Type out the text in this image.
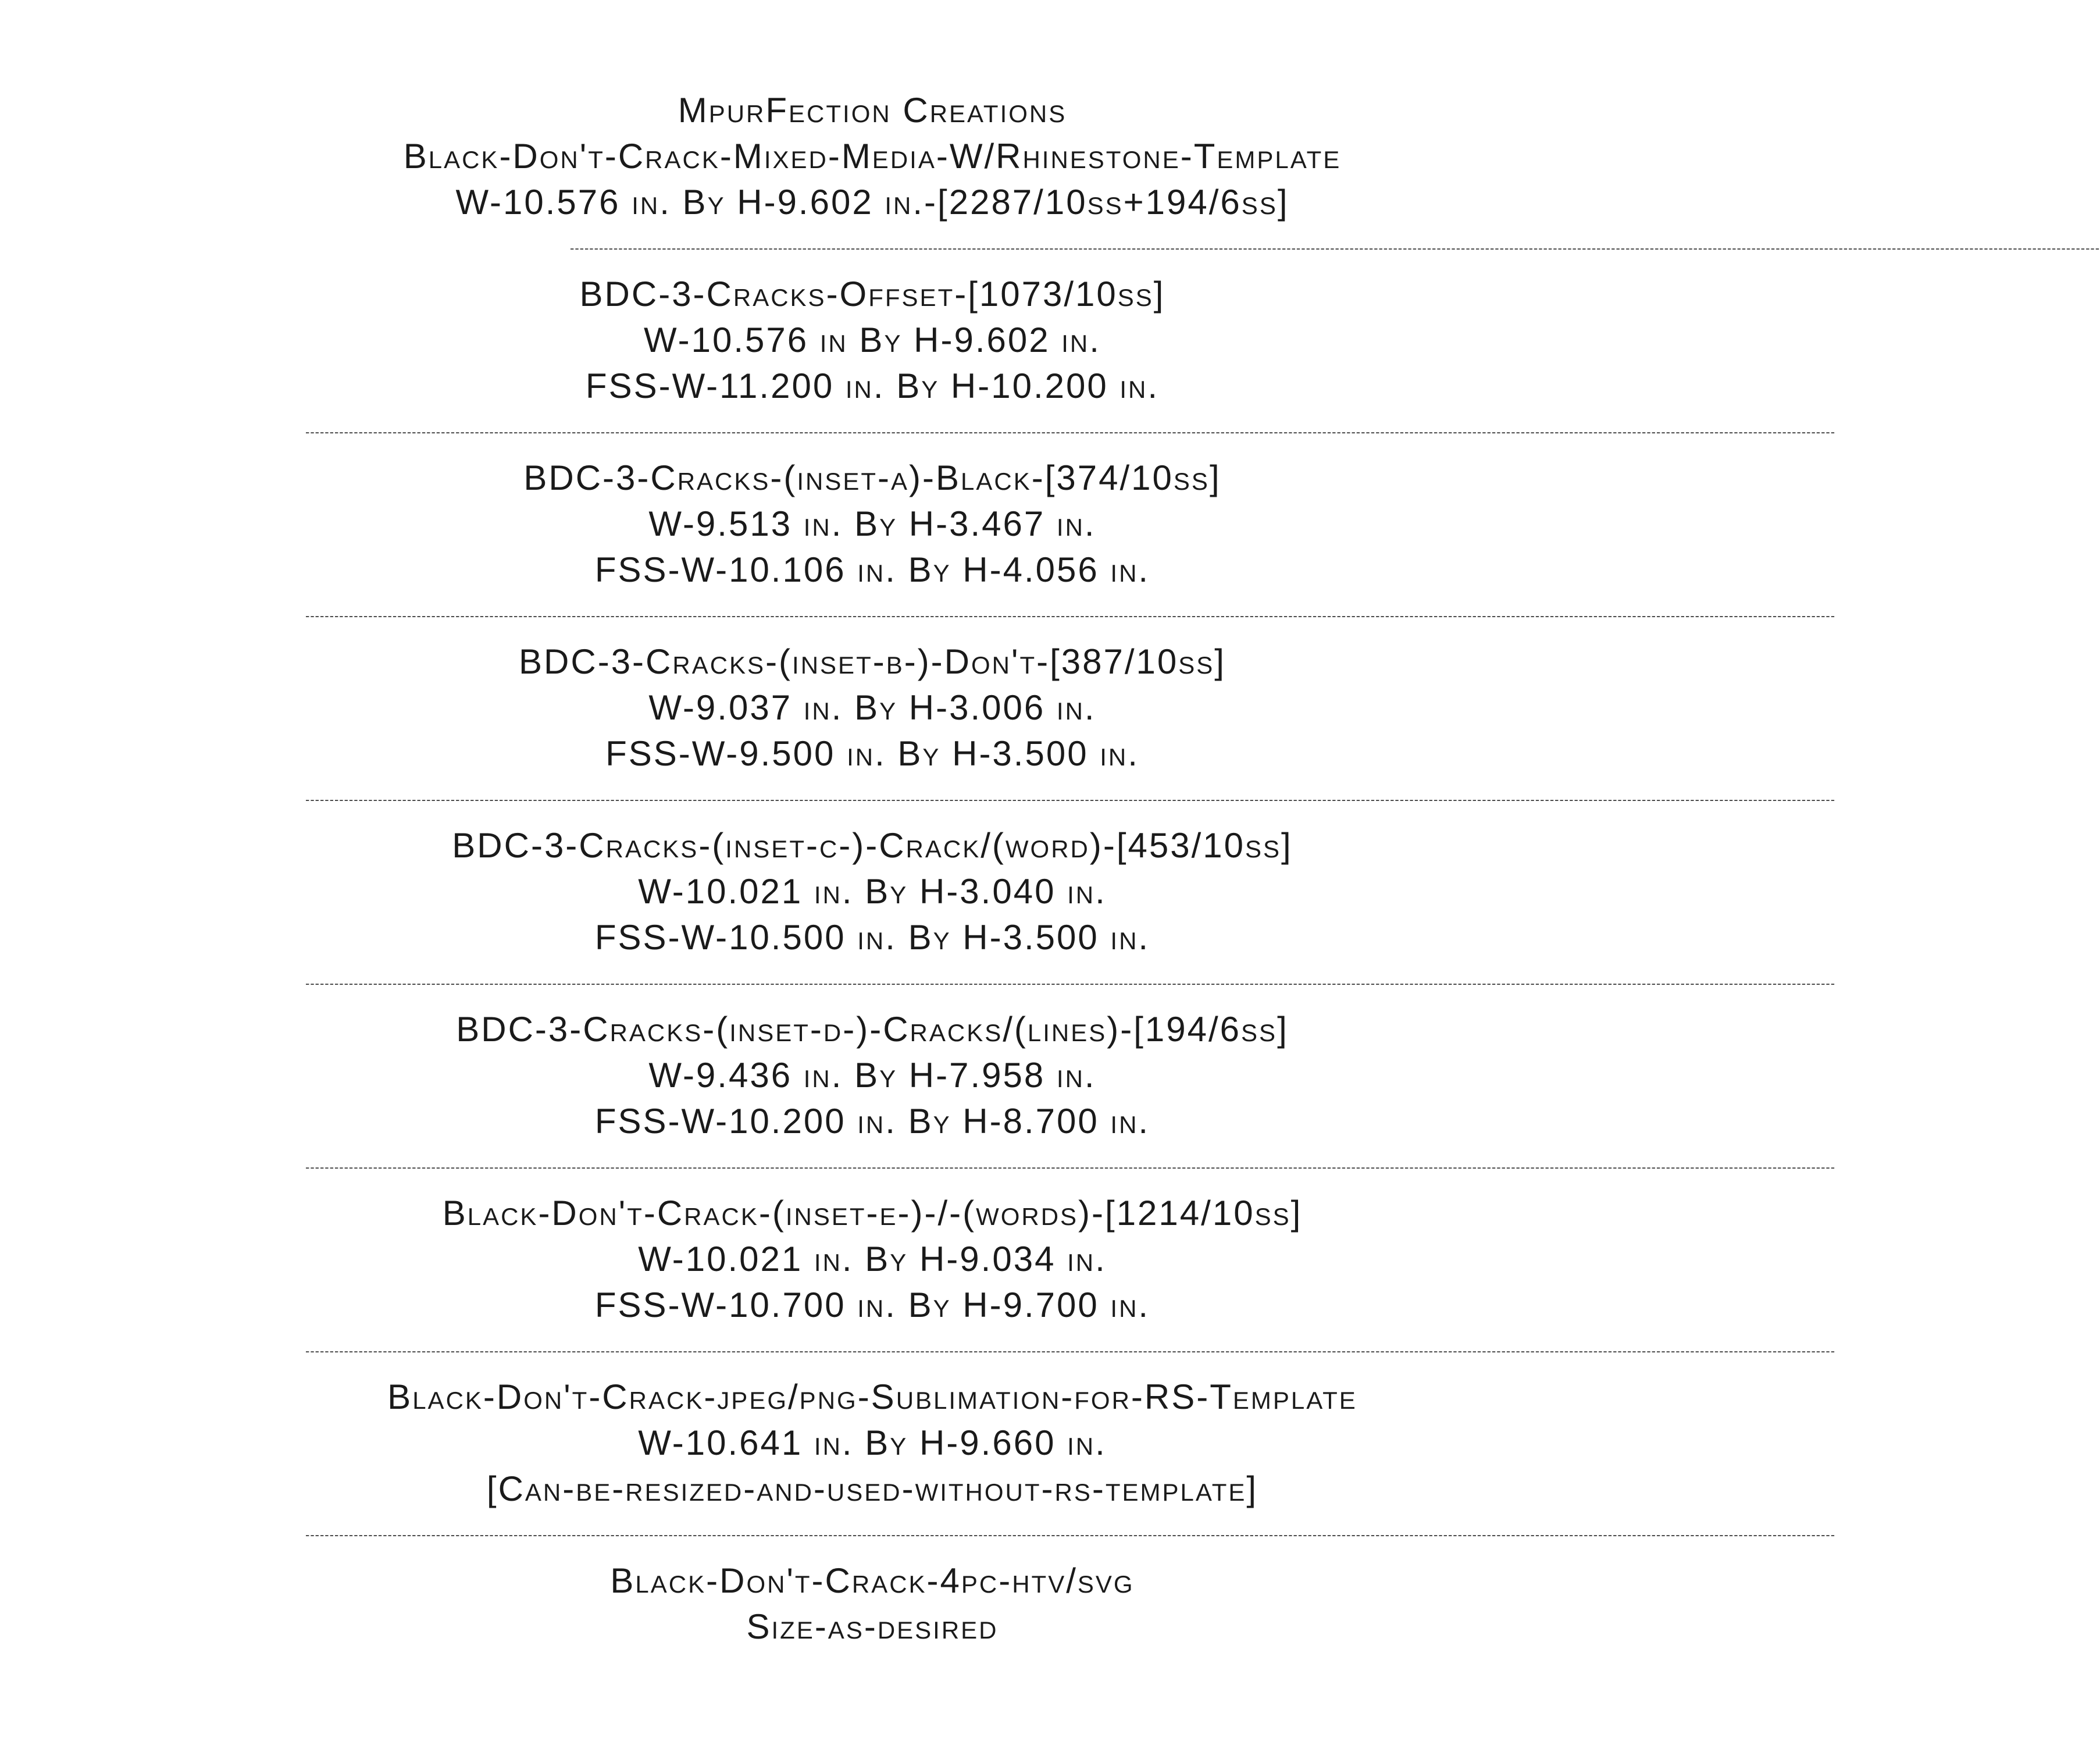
MpurFection Creations
Black-Don't-Crack-Mixed-Media-W/Rhinestone-Template
W-10.576 in. By H-9.602 in.-[2287/10ss+194/6ss]
----------------------------------------------------------------------------------------------------------------------------------------------------------------------------------------------------------------------------------------------------------------------------------------------------------------------------
BDC-3-Cracks-Offset-[1073/10ss]
W-10.576 in By H-9.602 in.
FSS-W-11.200 in. By H-10.200 in.
----------------------------------------------------------------------------------------------------------------------------------------------------------------------------------------------------------------------------------------------------------------------------------------------------------------------------
BDC-3-Cracks-(inset-a)-Black-[374/10ss]
W-9.513 in. By H-3.467 in.
FSS-W-10.106 in. By H-4.056 in.
----------------------------------------------------------------------------------------------------------------------------------------------------------------------------------------------------------------------------------------------------------------------------------------------------------------------------
BDC-3-Cracks-(inset-b-)-Don't-[387/10ss]
W-9.037 in. By H-3.006 in.
FSS-W-9.500 in. By H-3.500 in.
----------------------------------------------------------------------------------------------------------------------------------------------------------------------------------------------------------------------------------------------------------------------------------------------------------------------------
BDC-3-Cracks-(inset-c-)-Crack/(word)-[453/10ss]
W-10.021 in. By H-3.040 in.
FSS-W-10.500 in. By H-3.500 in.
----------------------------------------------------------------------------------------------------------------------------------------------------------------------------------------------------------------------------------------------------------------------------------------------------------------------------
BDC-3-Cracks-(inset-d-)-Cracks/(lines)-[194/6ss]
W-9.436 in. By H-7.958 in.
FSS-W-10.200 in. By H-8.700 in.
----------------------------------------------------------------------------------------------------------------------------------------------------------------------------------------------------------------------------------------------------------------------------------------------------------------------------
Black-Don't-Crack-(inset-e-)-/-(words)-[1214/10ss]
W-10.021 in. By H-9.034 in.
FSS-W-10.700 in. By H-9.700 in.
----------------------------------------------------------------------------------------------------------------------------------------------------------------------------------------------------------------------------------------------------------------------------------------------------------------------------
Black-Don't-Crack-jpeg/png-Sublimation-for-RS-Template
W-10.641 in. By H-9.660 in.
[Can-be-resized-and-used-without-rs-template]
----------------------------------------------------------------------------------------------------------------------------------------------------------------------------------------------------------------------------------------------------------------------------------------------------------------------------
Black-Don't-Crack-4pc-htv/svg
Size-as-desired
